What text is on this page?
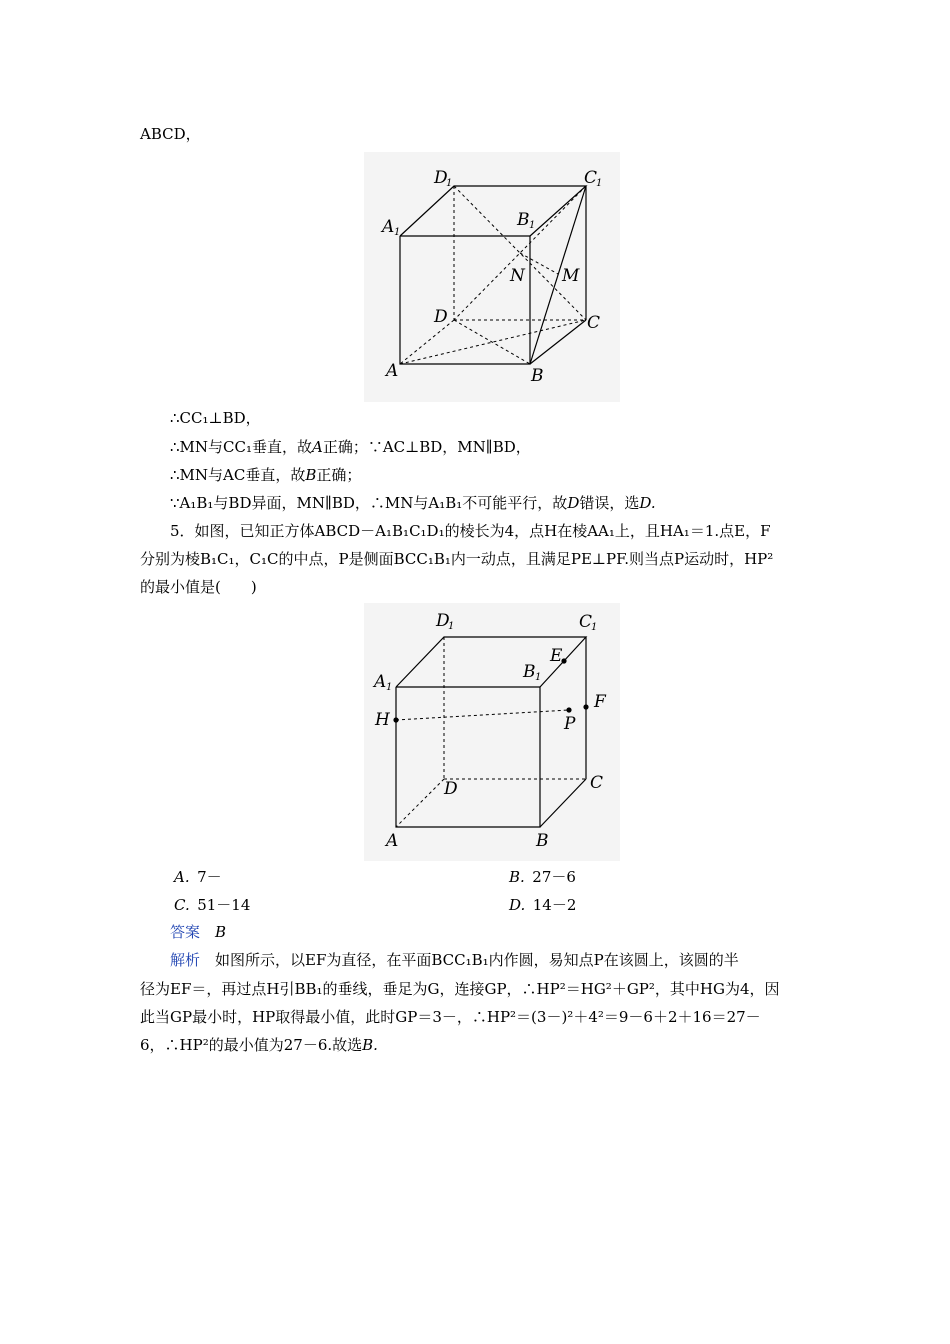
ABCD，
D
1	C
1
A 1
B 1
N M
D	C
A	B
∴CC₁⊥BD，
∴MN与CC₁垂直，故A正确；∵AC⊥BD，MN∥BD，
∴MN与AC垂直，故B正确；
∵A₁B₁与BD异面，MN∥BD，∴MN与A₁B₁不可能平行，故D错误，选D.
5．如图，已知正方体ABCD－A₁B₁C₁D₁的棱长为4，点H在棱AA₁上，且HA₁＝1.点E，F
分别为棱B₁C₁，C₁C的中点，P是侧面BCC₁B₁内一动点，且满足PE⊥PF.则当点P运动时，HP²
的最小值是(　　)
D
1	C
1
E
B 1
A 1
F
H	P
D	C
A	B
A.  7－	B.  27－6
C.  51－14	D.  14－2
答案  B
解析  如图所示，以EF为直径，在平面BCC₁B₁内作圆，易知点P在该圆上，该圆的半
径为EF＝，再过点H引BB₁的垂线，垂足为G，连接GP，∴HP²＝HG²＋GP²，其中HG为4，因
此当GP最小时，HP取得最小值，此时GP＝3－，∴HP²＝(3－)²＋4²＝9－6＋2＋16＝27－
6，∴HP²的最小值为27－6.故选B.
